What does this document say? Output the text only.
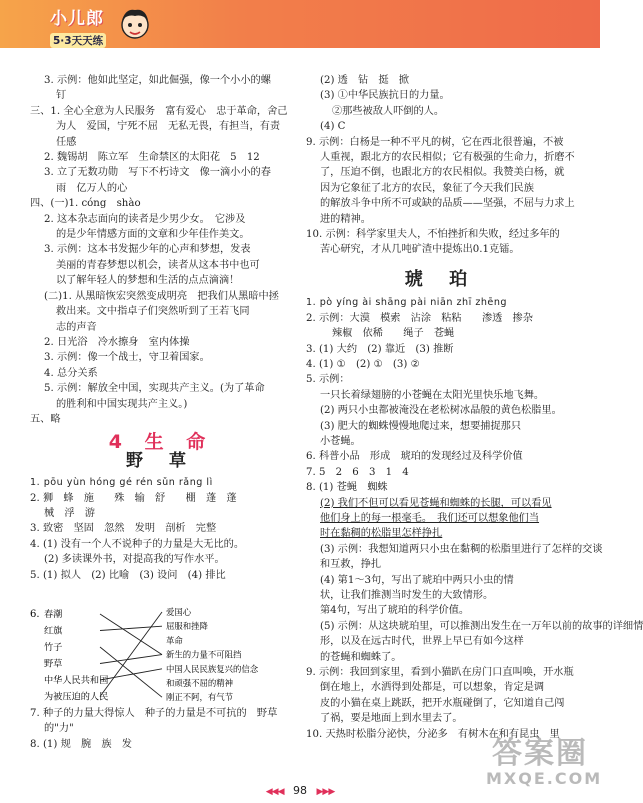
小儿郎
5·3天天练
3. 示例：他如此坚定，如此倔强，像一个小小的螺
钉
三、1. 全心全意为人民服务　富有爱心　忠于革命，舍己
为人　爱国，宁死不屈　无私无畏，有担当，有责
任感
2. 魏锡胡　陈立军　生命禁区的太阳花　5　12
3. 立了无数功勋　写下不朽诗文　像一滴小小的春
雨　亿万人的心
四、(一)1. cóng　shào
2. 这本杂志面向的读者是少男少女。　它涉及
的是少年情感方面的文章和少年佳作美文。
3. 示例：这本书发掘少年的心声和梦想，发表
美丽的青春梦想以机会，读者从这本书中也可
以了解年轻人的梦想和生活的点点滴滴！
(二)1. 从黑暗恢宏突然变成明亮　把我们从黑暗中拯
救出来。文中指卓子们突然听到了王若飞同
志的声音
2. 日光浴　冷水擦身　室内体操
3. 示例：像一个战士，守卫着国家。
4. 总分关系
5. 示例：解放全中国，实现共产主义。(为了革命
的胜利和中国实现共产主义。)
五、略
4 生 命
野 草
1. pōu yùn hóng gé rén sǔn rǎng lì
2. 狮　蜂　施　　殊　输　舒　　棚　蓬　蓬
械　浮　游
3. 致密　坚固　忽然　发明　剖析　完整
4. (1) 没有一个人不说种子的力量是大无比的。
(2) 多读课外书，对提高我的写作水平。
5. (1) 拟人　(2) 比喻　(3) 设问　(4) 排比
6. 春潮
红旗
竹子
野草
中华人民共和国
为被压迫的人民
爱国心
屈服和挫降
革命
新生的力量不可阻挡
中国人民民族复兴的信念
和顽强不屈的精神
刚正不阿，有气节
7. 种子的力量大得惊人　种子的力量是不可抗的　野草
的"力"
8. (1) 规　腕　族　发
(2) 透　钻　挺　掀
(3) ①中华民族抗日的力量。
②那些被敌人吓倒的人。
(4) C
9. 示例：白杨是一种不平凡的树，它在西北很普遍，不被
人重视，跟北方的农民相似；它有极强的生命力，折磨不
了，压迫不倒，也跟北方的农民相似。我赞美白杨，就
因为它象征了北方的农民，象征了今天我们民族
的解放斗争中所不可或缺的品质——坚强，不屈与力求上
进的精神。
10. 示例：科学家里夫人，不怕挫折和失败，经过多年的
苦心研究，才从几吨矿渣中提炼出0.1克镭。
琥 珀
1. pò yíng ài shāng pài niān zhī zhēng
2. 示例：大漠　模索　沾涂　粘粘　　渗透　掺杂
辣椒　依稀　　绳子　苍蝇
3. (1) 大约　(2) 靠近　(3) 推断
4. (1) ①　(2) ①　(3) ②
5. 示例：
一只长着绿翅膀的小苍蝇在太阳光里快乐地飞舞。
(2) 两只小虫都被淹没在老松树冰晶般的黄色松脂里。
(3) 肥大的蜘蛛慢慢地爬过来，想要捕捉那只
小苍蝇。
6. 科普小品　形成　琥珀的发现经过及科学价值
7. 5　2　6　3　1　4
8. (1) 苍蝇　蜘蛛
(2) 我们不但可以看见苍蝇和蜘蛛的长腿，可以看见
他们身上的每一根毫毛。　我们还可以想象他们当
时在黏稠的松脂里怎样挣扎
(3) 示例：我想知道两只小虫在黏稠的松脂里进行了怎样的交谈
和互救，挣扎
(4) 第1～3句，写出了琥珀中两只小虫的情
状，让我们推测当时发生的大致情形。
第4句，写出了琥珀的科学价值。
(5) 示例：从这块琥珀里，可以推测出发生在一万年以前的故事的详细情
形，以及在远古时代，世界上早已有如今这样
的苍蝇和蜘蛛了。
9. 示例：我回到家里，看到小猫趴在房门口直叫唤，开水瓶
倒在地上，水洒得到处都是，可以想象，肯定是调
皮的小猫在桌上跳跃，把开水瓶碰倒了，它知道自己闯
了祸，要是地面上到水里去了。
10. 天热时松脂分泌快，分泌多　有树木在和有昆虫　里
◀◀◀ 98 ▶▶▶
答案圈
MXQE.COM
